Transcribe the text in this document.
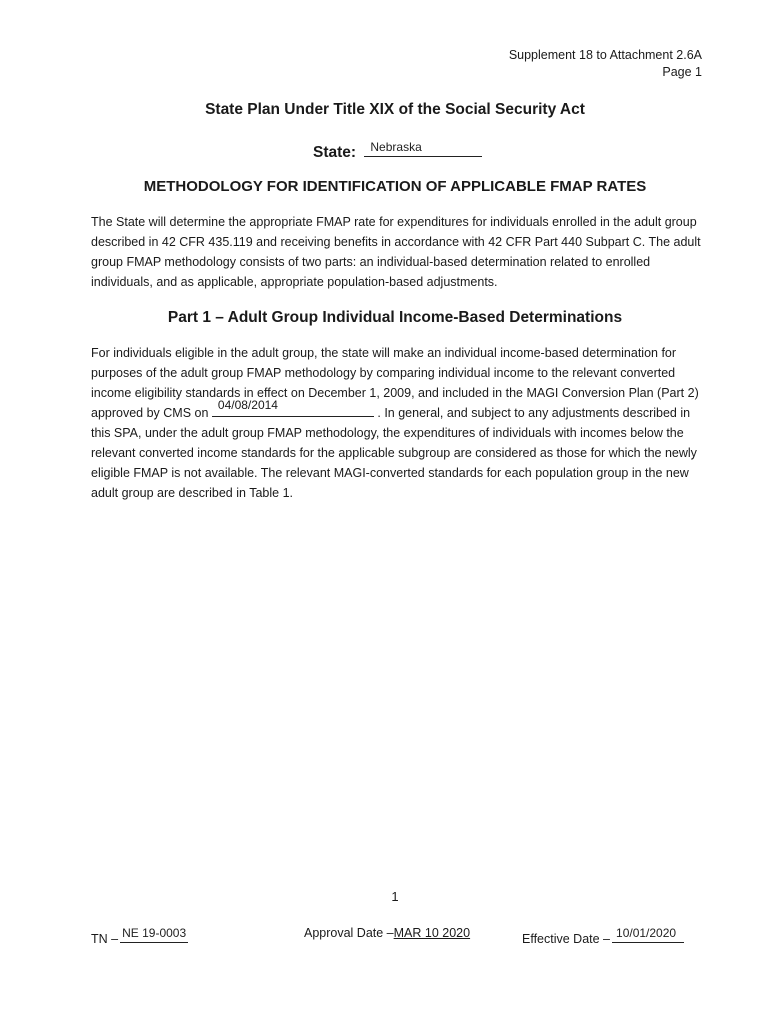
Supplement 18 to Attachment 2.6A
Page 1
State Plan Under Title XIX of the Social Security Act
State: Nebraska
METHODOLOGY FOR IDENTIFICATION OF APPLICABLE FMAP RATES

The State will determine the appropriate FMAP rate for expenditures for individuals enrolled in the adult group described in 42 CFR 435.119 and receiving benefits in accordance with 42 CFR Part 440 Subpart C. The adult group FMAP methodology consists of two parts: an individual-based determination related to enrolled individuals, and as applicable, appropriate population-based adjustments.

Part 1 – Adult Group Individual Income-Based Determinations

For individuals eligible in the adult group, the state will make an individual income-based determination for purposes of the adult group FMAP methodology by comparing individual income to the relevant converted income eligibility standards in effect on December 1, 2009, and included in the MAGI Conversion Plan (Part 2) approved by CMS on
04/08/2014
. In general, and subject to any adjustments described in this SPA, under the adult group FMAP methodology, the expenditures of individuals with incomes below the relevant converted income standards for the applicable subgroup are considered as those for which the newly eligible FMAP is not available. The relevant MAGI-converted standards for each population group in the new adult group are described in Table 1.

1
TN – NE 19-0003	Approval Date –MAR 10 2020	Effective Date – 10/01/2020
